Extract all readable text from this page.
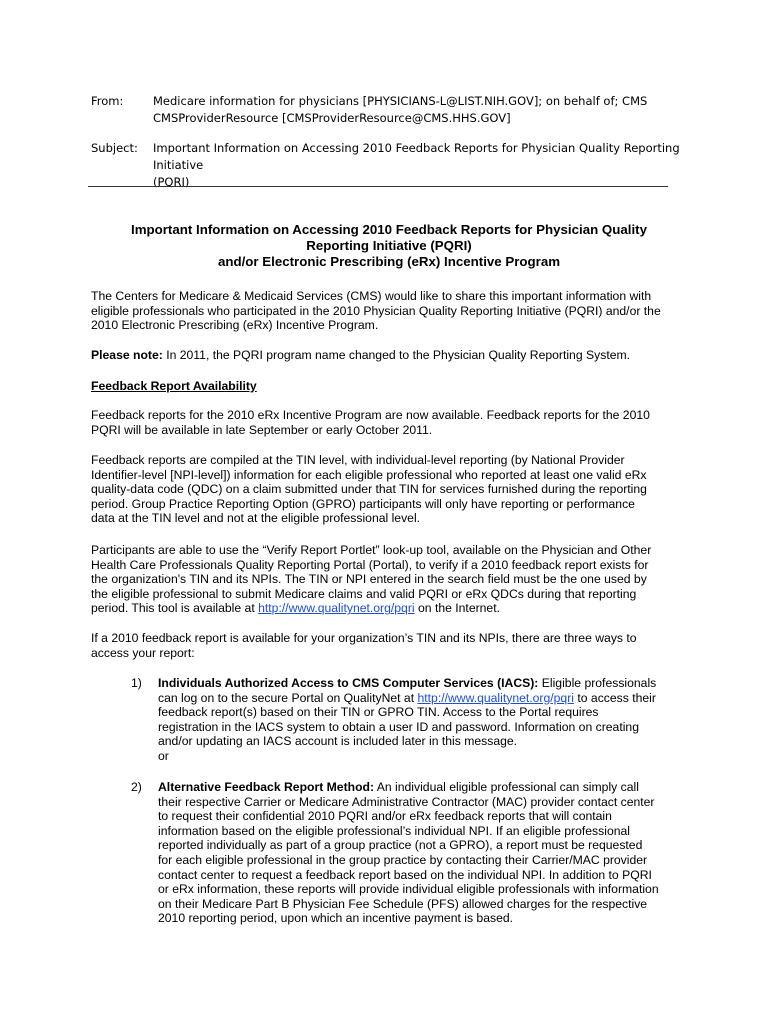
From:	Medicare information for physicians [PHYSICIANS-L@LIST.NIH.GOV]; on behalf of; CMS
CMSProviderResource [CMSProviderResource@CMS.HHS.GOV]
Subject:	Important Information on Accessing 2010 Feedback Reports for Physician Quality Reporting Initiative
(PQRI)
Important Information on Accessing 2010 Feedback Reports for Physician Quality
Reporting Initiative (PQRI)
and/or Electronic Prescribing (eRx) Incentive Program

The Centers for Medicare & Medicaid Services (CMS) would like to share this important information with

eligible professionals who participated in the 2010 Physician Quality Reporting Initiative (PQRI) and/or the

2010 Electronic Prescribing (eRx) Incentive Program.

Please note: In 2011, the PQRI program name changed to the Physician Quality Reporting System.

Feedback Report Availability

Feedback reports for the 2010 eRx Incentive Program are now available. Feedback reports for the 2010

PQRI will be available in late September or early October 2011.

Feedback reports are compiled at the TIN level, with individual-level reporting (by National Provider

Identifier-level [NPI-level]) information for each eligible professional who reported at least one valid eRx

quality-data code (QDC) on a claim submitted under that TIN for services furnished during the reporting

period. Group Practice Reporting Option (GPRO) participants will only have reporting or performance

data at the TIN level and not at the eligible professional level.

Participants are able to use the “Verify Report Portlet” look-up tool, available on the Physician and Other

Health Care Professionals Quality Reporting Portal (Portal), to verify if a 2010 feedback report exists for

the organization's TIN and its NPIs. The TIN or NPI entered in the search field must be the one used by

the eligible professional to submit Medicare claims and valid PQRI or eRx QDCs during that reporting

period. This tool is available at http://www.qualitynet.org/pqri on the Internet.

If a 2010 feedback report is available for your organization’s TIN and its NPIs, there are three ways to

access your report:

1)	Individuals Authorized Access to CMS Computer Services (IACS): Eligible professionals

can log on to the secure Portal on QualityNet at http://www.qualitynet.org/pqri to access their

feedback report(s) based on their TIN or GPRO TIN. Access to the Portal requires

registration in the IACS system to obtain a user ID and password. Information on creating

and/or updating an IACS account is included later in this message.

or

2)	Alternative Feedback Report Method: An individual eligible professional can simply call

their respective Carrier or Medicare Administrative Contractor (MAC) provider contact center

to request their confidential 2010 PQRI and/or eRx feedback reports that will contain

information based on the eligible professional’s individual NPI. If an eligible professional

reported individually as part of a group practice (not a GPRO), a report must be requested

for each eligible professional in the group practice by contacting their Carrier/MAC provider

contact center to request a feedback report based on the individual NPI. In addition to PQRI

or eRx information, these reports will provide individual eligible professionals with information

on their Medicare Part B Physician Fee Schedule (PFS) allowed charges for the respective

2010 reporting period, upon which an incentive payment is based.
